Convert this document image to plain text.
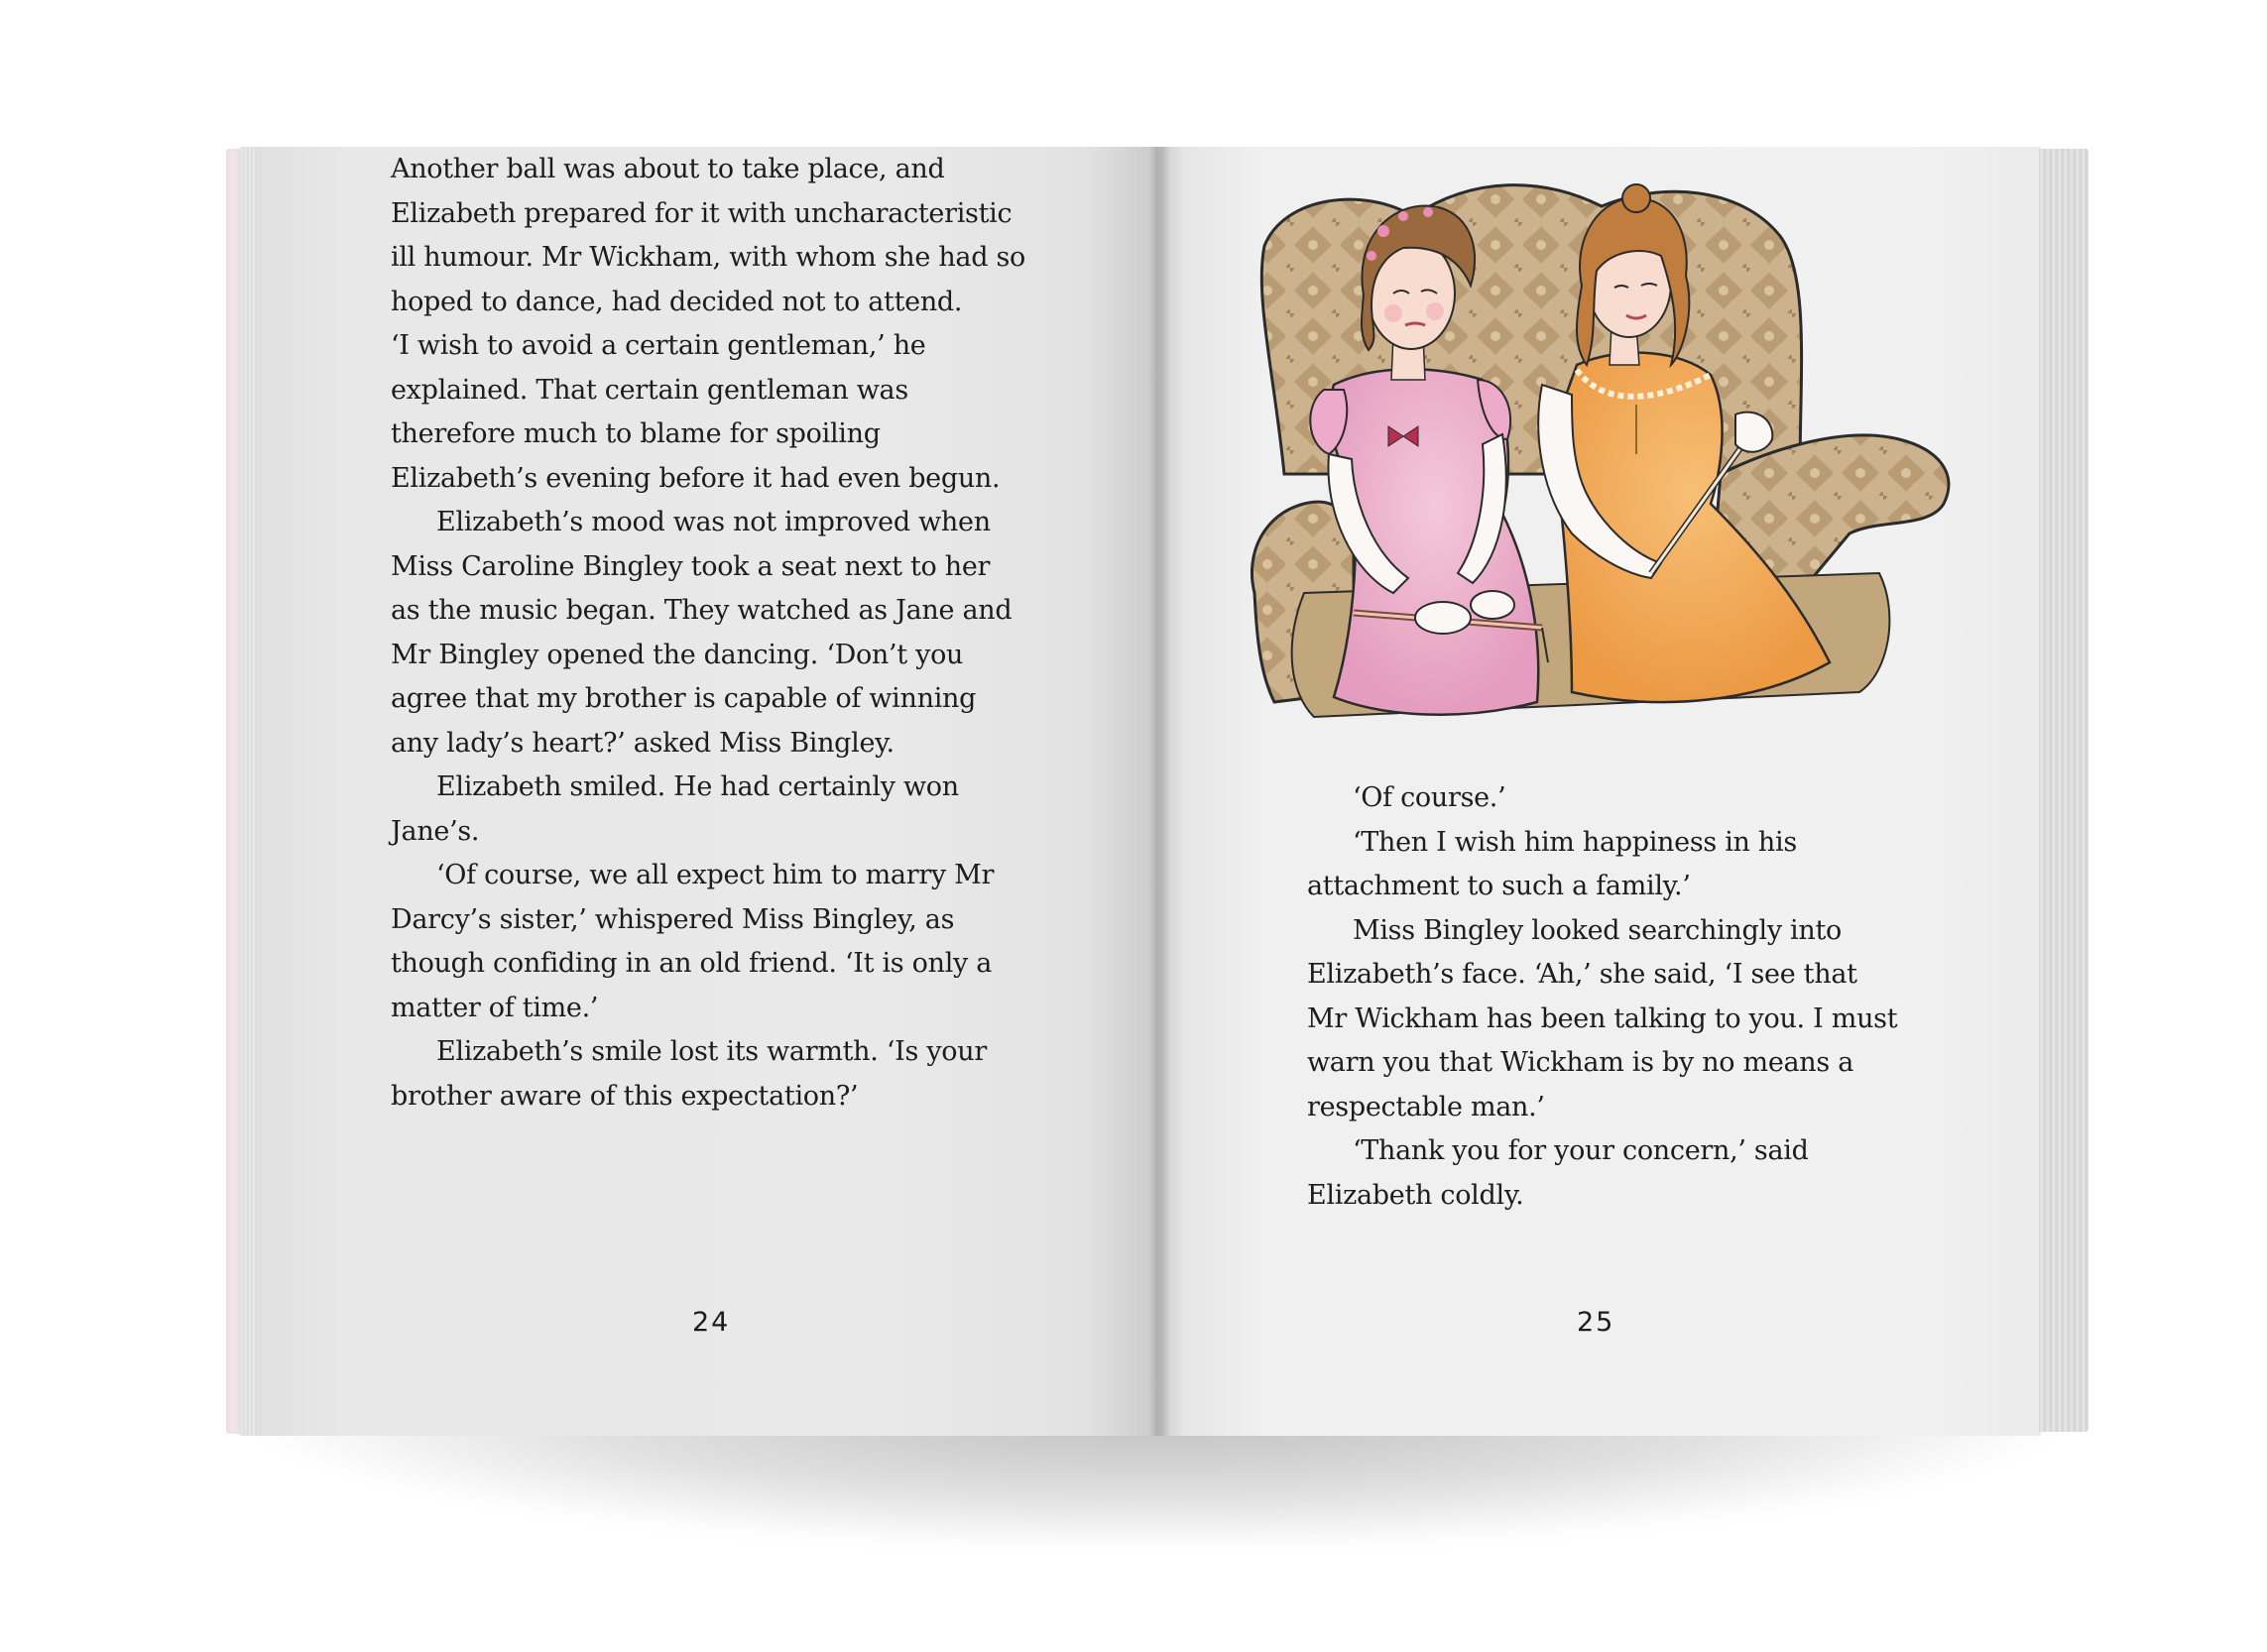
Another ball was about to take place, and Elizabeth prepared for it with uncharacteristic ill humour. Mr Wickham, with whom she had so hoped to dance, had decided not to attend.

‘I wish to avoid a certain gentleman,’ he explained. That certain gentleman was therefore much to blame for spoiling Elizabeth’s evening before it had even begun.

Elizabeth’s mood was not improved when Miss Caroline Bingley took a seat next to her as the music began. They watched as Jane and Mr Bingley opened the dancing. ‘Don’t you agree that my brother is capable of winning any lady’s heart?’ asked Miss Bingley.

Elizabeth smiled. He had certainly won Jane’s.

‘Of course, we all expect him to marry Mr Darcy’s sister,’ whispered Miss Bingley, as though confiding in an old friend. ‘It is only a matter of time.’

Elizabeth’s smile lost its warmth. ‘Is your brother aware of this expectation?’

24

‘Of course.’

‘Then I wish him happiness in his attachment to such a family.’

Miss Bingley looked searchingly into Elizabeth’s face. ‘Ah,’ she said, ‘I see that Mr Wickham has been talking to you. I must warn you that Wickham is by no means a respectable man.’

‘Thank you for your concern,’ said Elizabeth coldly.

25
